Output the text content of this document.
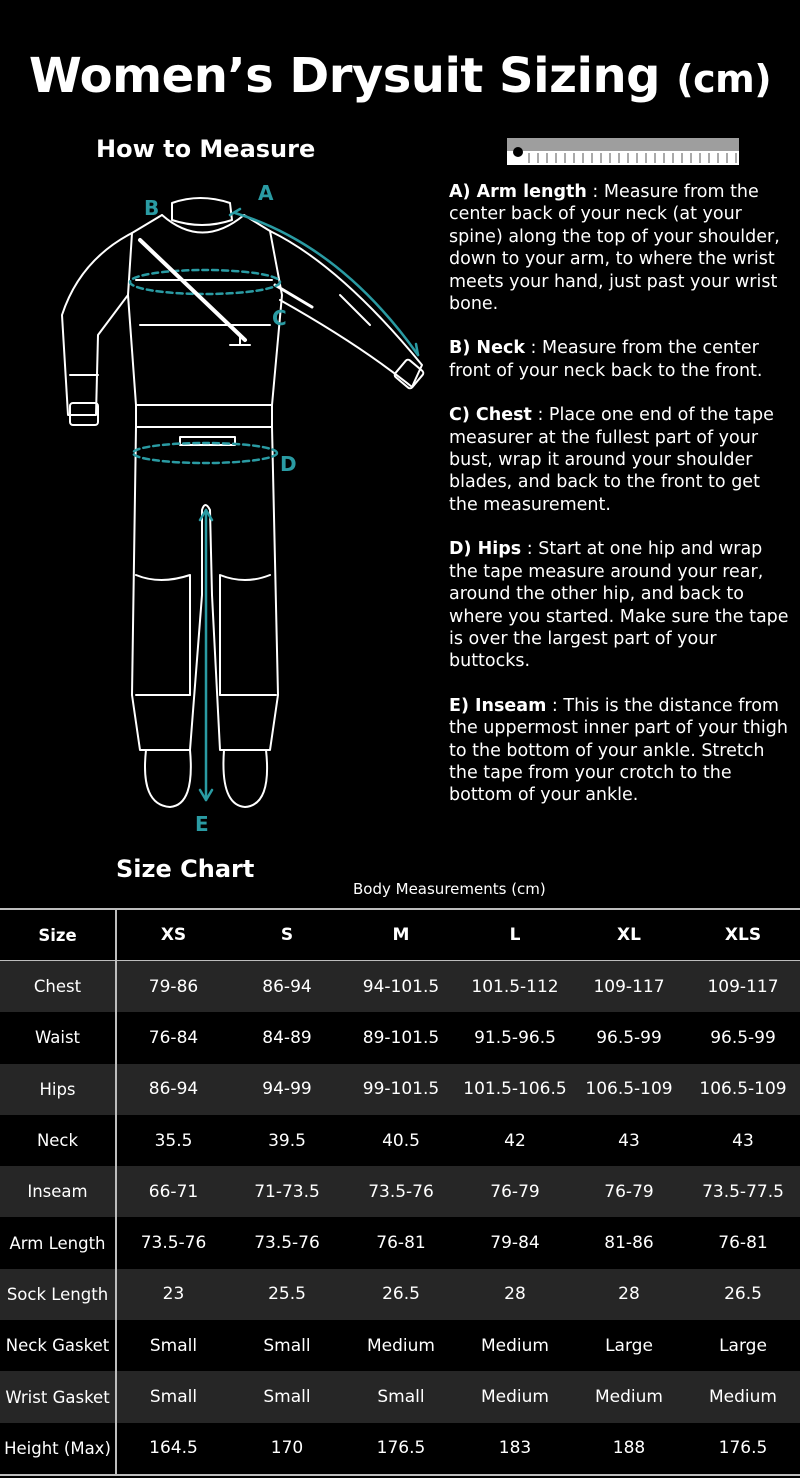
Women’s Drysuit Sizing (cm)
How to Measure
A
B
C
D
E

A) Arm length : Measure from the center back of your neck (at your spine) along the top of your shoulder, down to your arm, to where the wrist meets your hand, just past your wrist bone.

B) Neck : Measure from the center front of your neck back to the front.

C) Chest : Place one end of the tape measurer at the fullest part of your bust, wrap it around your shoulder blades, and back to the front to get the measurement.

D) Hips : Start at one hip and wrap the tape measure around your rear, around the other hip, and back to where you started. Make sure the tape is over the largest part of your buttocks.

E) Inseam : This is the distance from the uppermost inner part of your thigh to the bottom of your ankle. Stretch the tape from your crotch to the bottom of your ankle.

Size Chart
Body Measurements (cm)
Size	XS	S	M	L	XL	XLS
Chest	79-86	86-94	94-101.5	101.5-112	109-117	109-117
Waist	76-84	84-89	89-101.5	91.5-96.5	96.5-99	96.5-99
Hips	86-94	94-99	99-101.5	101.5-106.5	106.5-109	106.5-109
Neck	35.5	39.5	40.5	42	43	43
Inseam	66-71	71-73.5	73.5-76	76-79	76-79	73.5-77.5
Arm Length	73.5-76	73.5-76	76-81	79-84	81-86	76-81
Sock Length	23	25.5	26.5	28	28	26.5
Neck Gasket	Small	Small	Medium	Medium	Large	Large
Wrist Gasket	Small	Small	Small	Medium	Medium	Medium
Height (Max)	164.5	170	176.5	183	188	176.5
